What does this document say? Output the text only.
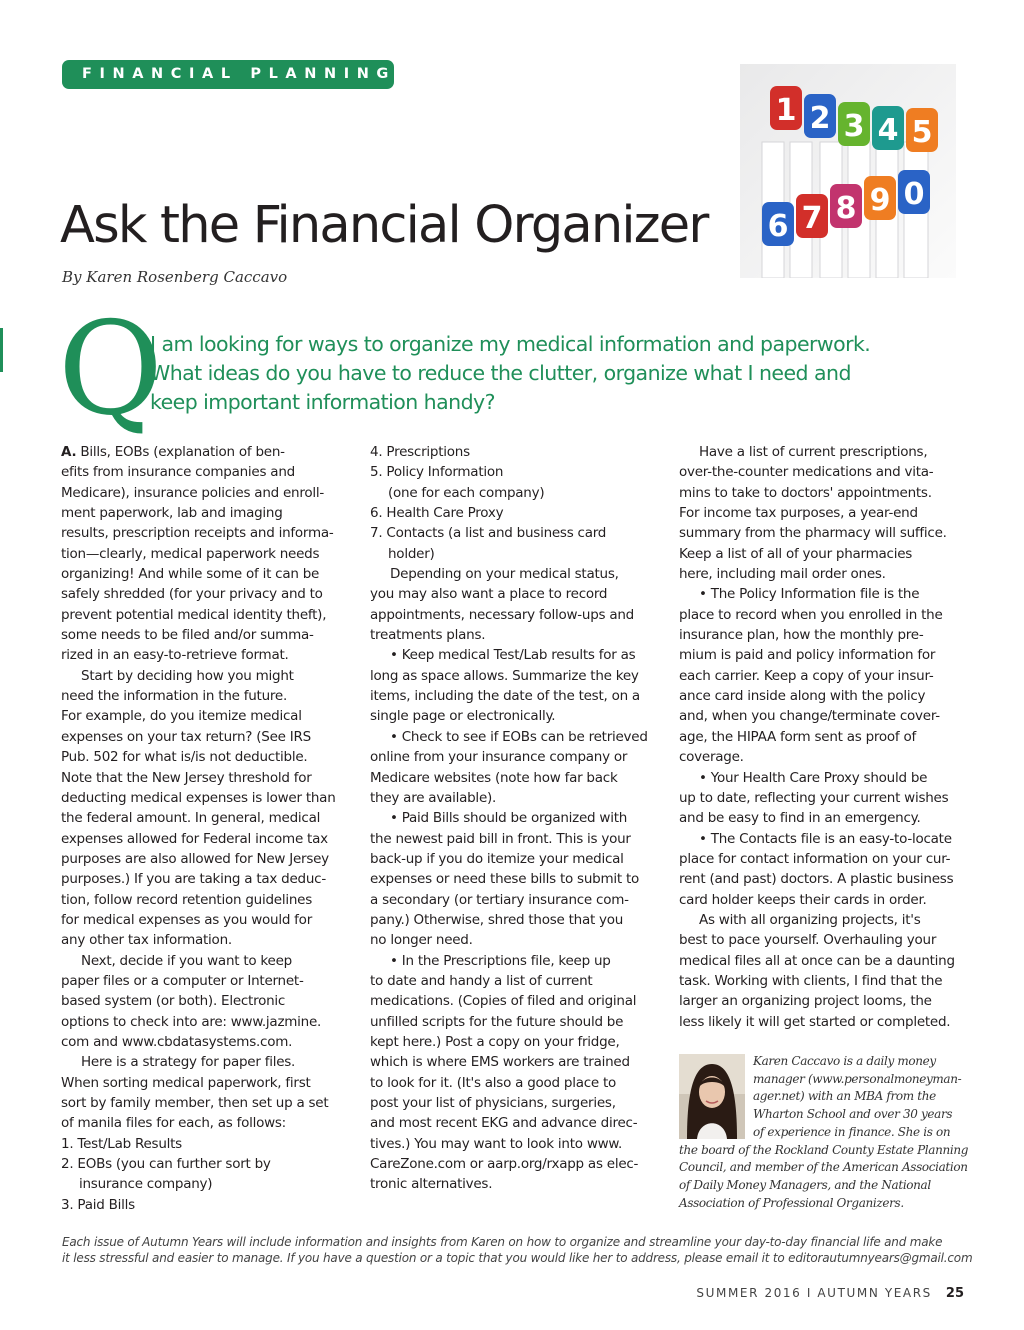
FINANCIAL PLANNING
1 2 3 4 5
6 7 8 9 0
Ask the Financial Organizer
By Karen Rosenberg Caccavo
Q
I am looking for ways to organize my medical information and paperwork.
What ideas do you have to reduce the clutter, organize what I need and
keep important information handy?
A. Bills, EOBs (explanation of ben-
efits from insurance companies and
Medicare), insurance policies and enroll-
ment paperwork, lab and imaging
results, prescription receipts and informa-
tion—clearly, medical paperwork needs
organizing! And while some of it can be
safely shredded (for your privacy and to
prevent potential medical identity theft),
some needs to be filed and/or summa-
rized in an easy-to-retrieve format.
Start by deciding how you might
need the information in the future.
For example, do you itemize medical
expenses on your tax return? (See IRS
Pub. 502 for what is/is not deductible.
Note that the New Jersey threshold for
deducting medical expenses is lower than
the federal amount. In general, medical
expenses allowed for Federal income tax
purposes are also allowed for New Jersey
purposes.) If you are taking a tax deduc-
tion, follow record retention guidelines
for medical expenses as you would for
any other tax information.
Next, decide if you want to keep
paper files or a computer or Internet-
based system (or both). Electronic
options to check into are: www.jazmine.
com and www.cbdatasystems.com.
Here is a strategy for paper files.
When sorting medical paperwork, first
sort by family member, then set up a set
of manila files for each, as follows:
1. Test/Lab Results
2. EOBs (you can further sort by
insurance company)
3. Paid Bills
4. Prescriptions
5. Policy Information
(one for each company)
6. Health Care Proxy
7. Contacts (a list and business card
holder)
Depending on your medical status,
you may also want a place to record
appointments, necessary follow-ups and
treatments plans.
• Keep medical Test/Lab results for as
long as space allows. Summarize the key
items, including the date of the test, on a
single page or electronically.
• Check to see if EOBs can be retrieved
online from your insurance company or
Medicare websites (note how far back
they are available).
• Paid Bills should be organized with
the newest paid bill in front. This is your
back-up if you do itemize your medical
expenses or need these bills to submit to
a secondary (or tertiary insurance com-
pany.) Otherwise, shred those that you
no longer need.
• In the Prescriptions file, keep up
to date and handy a list of current
medications. (Copies of filed and original
unfilled scripts for the future should be
kept here.) Post a copy on your fridge,
which is where EMS workers are trained
to look for it. (It's also a good place to
post your list of physicians, surgeries,
and most recent EKG and advance direc-
tives.) You may want to look into www.
CareZone.com or aarp.org/rxapp as elec-
tronic alternatives.
Have a list of current prescriptions,
over-the-counter medications and vita-
mins to take to doctors' appointments.
For income tax purposes, a year-end
summary from the pharmacy will suffice.
Keep a list of all of your pharmacies
here, including mail order ones.
• The Policy Information file is the
place to record when you enrolled in the
insurance plan, how the monthly pre-
mium is paid and policy information for
each carrier. Keep a copy of your insur-
ance card inside along with the policy
and, when you change/terminate cover-
age, the HIPAA form sent as proof of
coverage.
• Your Health Care Proxy should be
up to date, reflecting your current wishes
and be easy to find in an emergency.
• The Contacts file is an easy-to-locate
place for contact information on your cur-
rent (and past) doctors. A plastic business
card holder keeps their cards in order.
As with all organizing projects, it's
best to pace yourself. Overhauling your
medical files all at once can be a daunting
task. Working with clients, I find that the
larger an organizing project looms, the
less likely it will get started or completed.
Karen Caccavo is a daily money
manager (www.personalmoneyman-
ager.net) with an MBA from the
Wharton School and over 30 years
of experience in finance. She is on
the board of the Rockland County Estate Planning
Council, and member of the American Association
of Daily Money Managers, and the National
Association of Professional Organizers.
Each issue of Autumn Years will include information and insights from Karen on how to organize and streamline your day-to-day financial life and make
it less stressful and easier to manage. If you have a question or a topic that you would like her to address, please email it to editorautumnyears@gmail.com
SUMMER 2016 I AUTUMN YEARS 25
